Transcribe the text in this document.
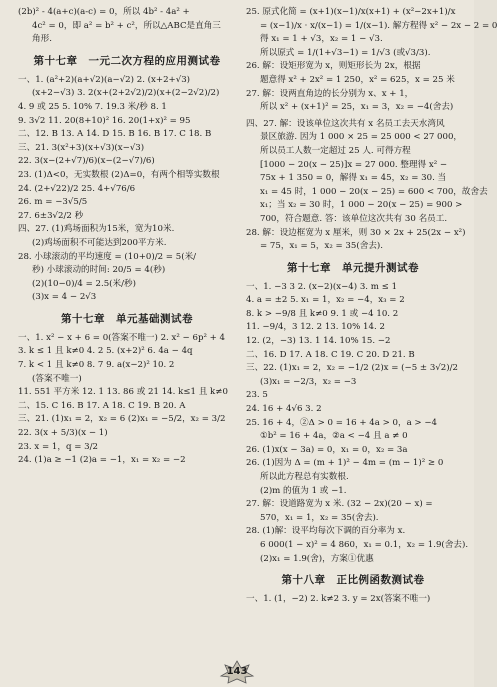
(2b)² - 4(a+c)(a-c) = 0，所以 4b² - 4a² +
4c² = 0，即 a² = b² + c²，所以△ABC是直角三
角形.
第十七章　一元二次方程的应用测试卷
一、1. (a²+2)(a+√2)(a−√2) 2. (x+2+√3)
(x+2−√3) 3. 2(x+(2+2√2)/2)(x+(2−2√2)/2)
4. 9 或 25 5. 10% 7. 19.3 米/秒 8. 1
9. 3√2 11. 20(8+10)² 16. 20(1+x)² = 95
二、12. B 13. A 14. D 15. B 16. B 17. C 18. B
三、21. 3(x²+3)(x+√3)(x−√3)
22. 3(x−(2+√7)/6)(x−(2−√7)/6)
23. (1)Δ<0，无实数根 (2)Δ=0，有两个相等实数根
24. (2+√22)/2 25. 4+√76/6
26. m = −3√5/5
27. 6±3√2/2 秒
四、27. (1)鸡场面积为15米，宽为10米.
(2)鸡场面积不可能达到200平方米.
28. 小球滚动的平均速度 = (10+0)/2 = 5(米/
秒) 小球滚动的时间: 20/5 = 4(秒)
(2)(10−0)/4 = 2.5(米/秒)
(3)x = 4 − 2√3
第十七章　单元基础测试卷
一、1. x² − x + 6 = 0(答案不唯一) 2. x² − 6p² + 4
3. k ≤ 1 且 k≠0 4. 2 5. (x+2)² 6. 4a − 4q
7. k < 1 且 k≠0 8. 7 9. a(x−2)² 10. 2
(答案不唯一)
11. 551 平方米 12. 1 13. 86 或 21 14. k≤1 且 k≠0
二、15. C 16. B 17. A 18. C 19. B 20. A
三、21. (1)x₁ = 2，x₂ = 6 (2)x₁ = −5/2，x₂ = 3/2
22. 3(x + 5/3)(x − 1)
23. x = 1，q = 3/2
24. (1)a ≥ −1 (2)a = −1，x₁ = x₂ = −2
25. 原式化简 = (x+1)(x−1)/x(x+1) + (x²−2x+1)/x
= (x−1)/x · x/(x−1) = 1/(x−1). 解方程得 x² − 2x − 2 = 0
得 x₁ = 1 + √3，x₂ = 1 − √3.
所以原式 = 1/(1+√3−1) = 1/√3 (或√3/3).
26. 解：设矩形宽为 x，则矩形长为 2x，根据
题意得 x² + 2x² = 1 250，x² = 625，x = 25 米
27. 解：设两直角边的长分别为 x、x + 1，
所以 x² + (x+1)² = 25，x₁ = 3，x₂ = −4(舍去)
四、27. 解：设该单位这次共有 x 名员工去天水湾风
景区旅游. 因为 1 000 × 25 = 25 000 < 27 000，
所以员工人数一定超过 25 人. 可得方程
[1000 − 20(x − 25)]x = 27 000. 整理得 x² −
75x + 1 350 = 0，解得 x₁ = 45，x₂ = 30. 当
x₁ = 45 时，1 000 − 20(x − 25) = 600 < 700，故舍去
x₁；当 x₂ = 30 时，1 000 − 20(x − 25) = 900 >
700，符合题意. 答：该单位这次共有 30 名员工.
28. 解：设边框宽为 x 厘米，则 30 × 2x + 25(2x − x²)
= 75，x₁ = 5，x₂ = 35(舍去).
第十七章　单元提升测试卷
一、1. −3 3 2. (x−2)(x−4) 3. m ≤ 1
4. a = ±2 5. x₁ = 1，x₂ = −4，x₃ = 2
8. k > −9/8 且 k≠0 9. 1 或 −4 10. 2
11. −9/4，3 12. 2 13. 10% 14. 2
12. (2，−3) 13. 1 14. 10% 15. −2
二、16. D 17. A 18. C 19. C 20. D 21. B
三、22. (1)x₁ = 2，x₂ = −1/2 (2)x = (−5 ± 3√2)/2
(3)x₁ = −2/3，x₂ = −3
23. 5
24. 16 + 4√6 3. 2
25. 16 + 4，②Δ > 0 = 16 + 4a > 0，a > −4
①b² = 16 + 4a，②a < −4 且 a ≠ 0
26. (1)x(x − 3a) = 0，x₁ = 0，x₂ = 3a
26. (1)因为 Δ = (m + 1)² − 4m = (m − 1)² ≥ 0
所以此方程总有实数根.
(2)m 的值为 1 或 −1.
27. 解：设道路宽为 x 米. (32 − 2x)(20 − x) =
570，x₁ = 1，x₂ = 35(舍去).
28. (1)解：设平均每次下调的百分率为 x.
6 000(1 − x)² = 4 860，x₁ = 0.1，x₂ = 1.9(舍去).
(2)x₁ = 1.9(舍)，方案①优惠
第十八章　正比例函数测试卷
一、1. (1，−2) 2. k≠2 3. y = 2x(答案不唯一)
143
